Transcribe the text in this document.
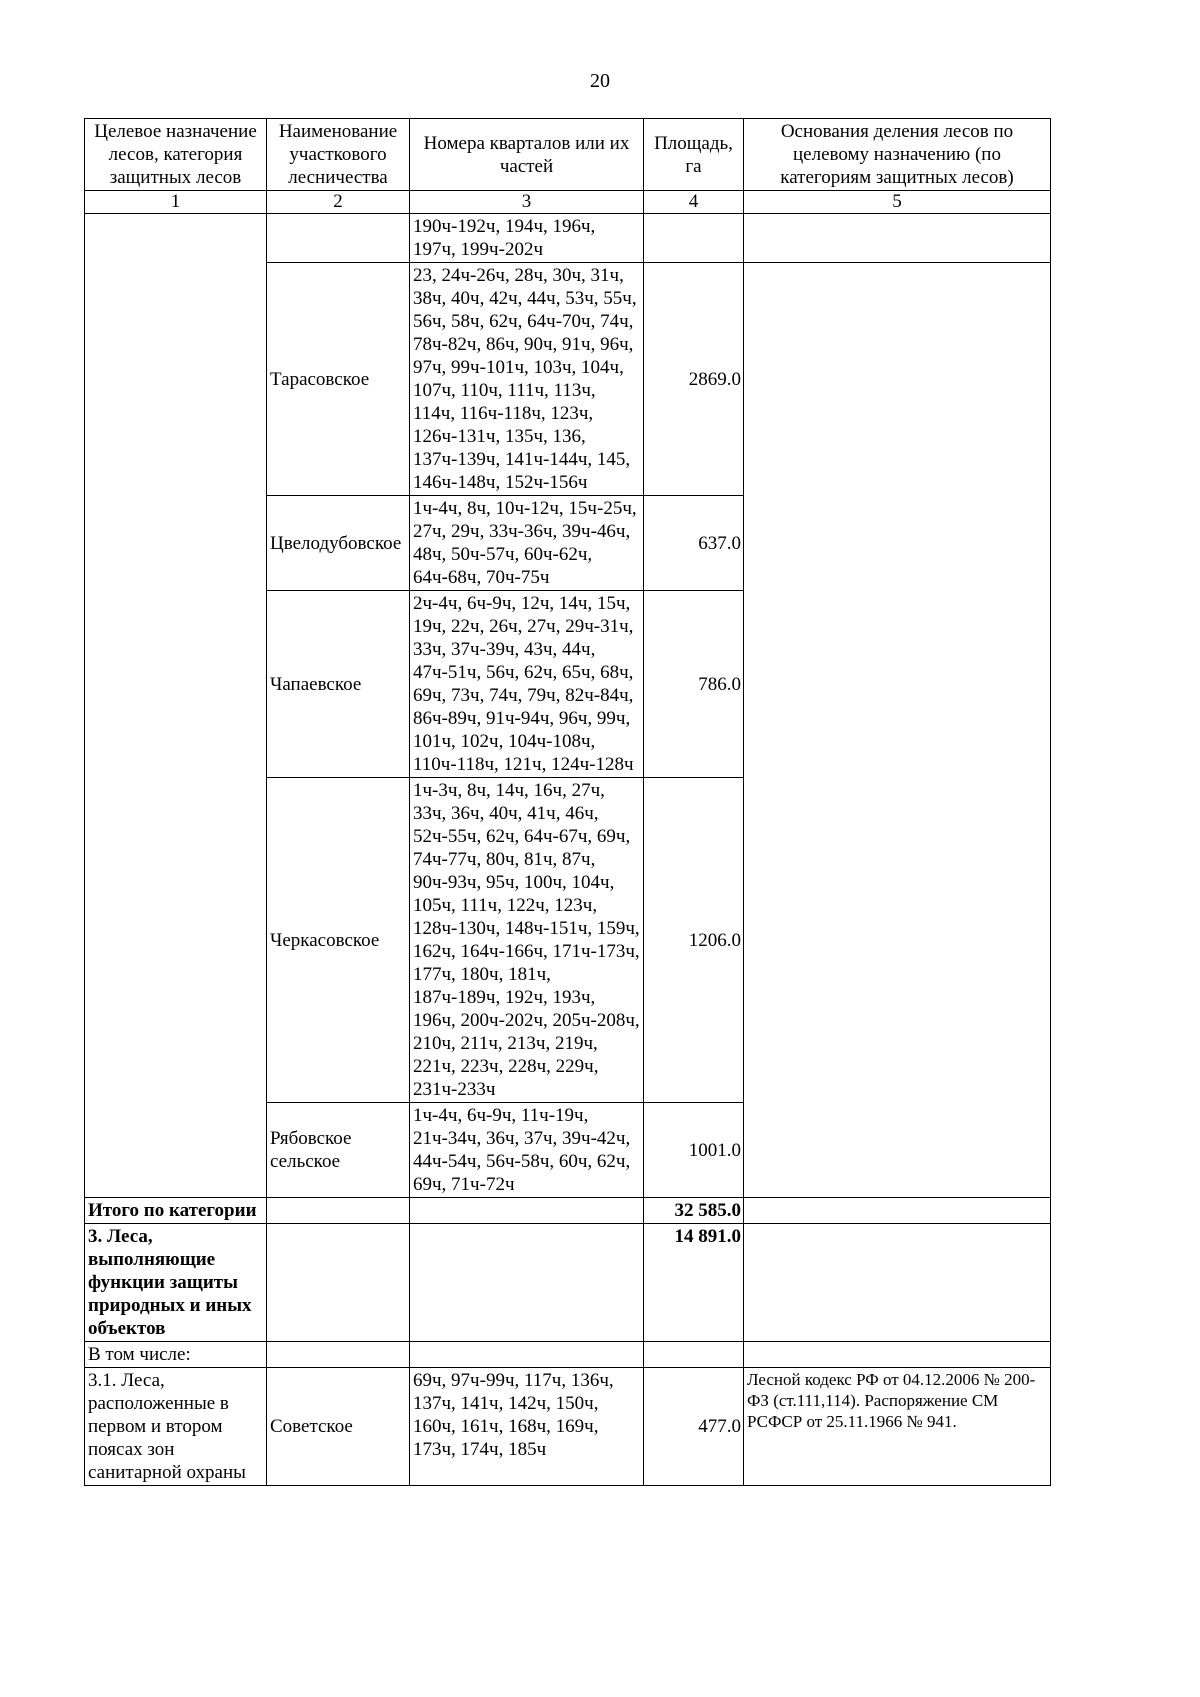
20
Целевое назначение лесов, категория защитных лесов	Наименование участкового лесничества	Номера кварталов или их частей	Площадь, га	Основания деления лесов по целевому назначению (по категориям защитных лесов)
1	2	3	4	5
		190ч-192ч, 194ч, 196ч, 197ч, 199ч-202ч		
	Тарасовское	23, 24ч-26ч, 28ч, 30ч, 31ч, 38ч, 40ч, 42ч, 44ч, 53ч, 55ч, 56ч, 58ч, 62ч, 64ч-70ч, 74ч, 78ч-82ч, 86ч, 90ч, 91ч, 96ч, 97ч, 99ч-101ч, 103ч, 104ч, 107ч, 110ч, 111ч, 113ч, 114ч, 116ч-118ч, 123ч, 126ч-131ч, 135ч, 136, 137ч-139ч, 141ч-144ч, 145, 146ч-148ч, 152ч-156ч	2869.0	
	Цвелодубовское	1ч-4ч, 8ч, 10ч-12ч, 15ч-25ч, 27ч, 29ч, 33ч-36ч, 39ч-46ч, 48ч, 50ч-57ч, 60ч-62ч, 64ч-68ч, 70ч-75ч	637.0	
	Чапаевское	2ч-4ч, 6ч-9ч, 12ч, 14ч, 15ч, 19ч, 22ч, 26ч, 27ч, 29ч-31ч, 33ч, 37ч-39ч, 43ч, 44ч, 47ч-51ч, 56ч, 62ч, 65ч, 68ч, 69ч, 73ч, 74ч, 79ч, 82ч-84ч, 86ч-89ч, 91ч-94ч, 96ч, 99ч, 101ч, 102ч, 104ч-108ч, 110ч-118ч, 121ч, 124ч-128ч	786.0	
	Черкасовское	1ч-3ч, 8ч, 14ч, 16ч, 27ч, 33ч, 36ч, 40ч, 41ч, 46ч, 52ч-55ч, 62ч, 64ч-67ч, 69ч, 74ч-77ч, 80ч, 81ч, 87ч, 90ч-93ч, 95ч, 100ч, 104ч, 105ч, 111ч, 122ч, 123ч, 128ч-130ч, 148ч-151ч, 159ч, 162ч, 164ч-166ч, 171ч-173ч, 177ч, 180ч, 181ч, 187ч-189ч, 192ч, 193ч, 196ч, 200ч-202ч, 205ч-208ч, 210ч, 211ч, 213ч, 219ч, 221ч, 223ч, 228ч, 229ч, 231ч-233ч	1206.0	
	Рябовское сельское	1ч-4ч, 6ч-9ч, 11ч-19ч, 21ч-34ч, 36ч, 37ч, 39ч-42ч, 44ч-54ч, 56ч-58ч, 60ч, 62ч, 69ч, 71ч-72ч	1001.0	
Итого по категории			32 585.0	
3. Леса, выполняющие функции защиты природных и иных объектов			14 891.0	
В том числе:				
3.1. Леса, расположенные в первом и втором поясах зон санитарной охраны	Советское	69ч, 97ч-99ч, 117ч, 136ч, 137ч, 141ч, 142ч, 150ч, 160ч, 161ч, 168ч, 169ч, 173ч, 174ч, 185ч	477.0	Лесной кодекс РФ от 04.12.2006 № 200-ФЗ (ст.111,114). Распоряжение СМ РСФСР от 25.11.1966 № 941.
